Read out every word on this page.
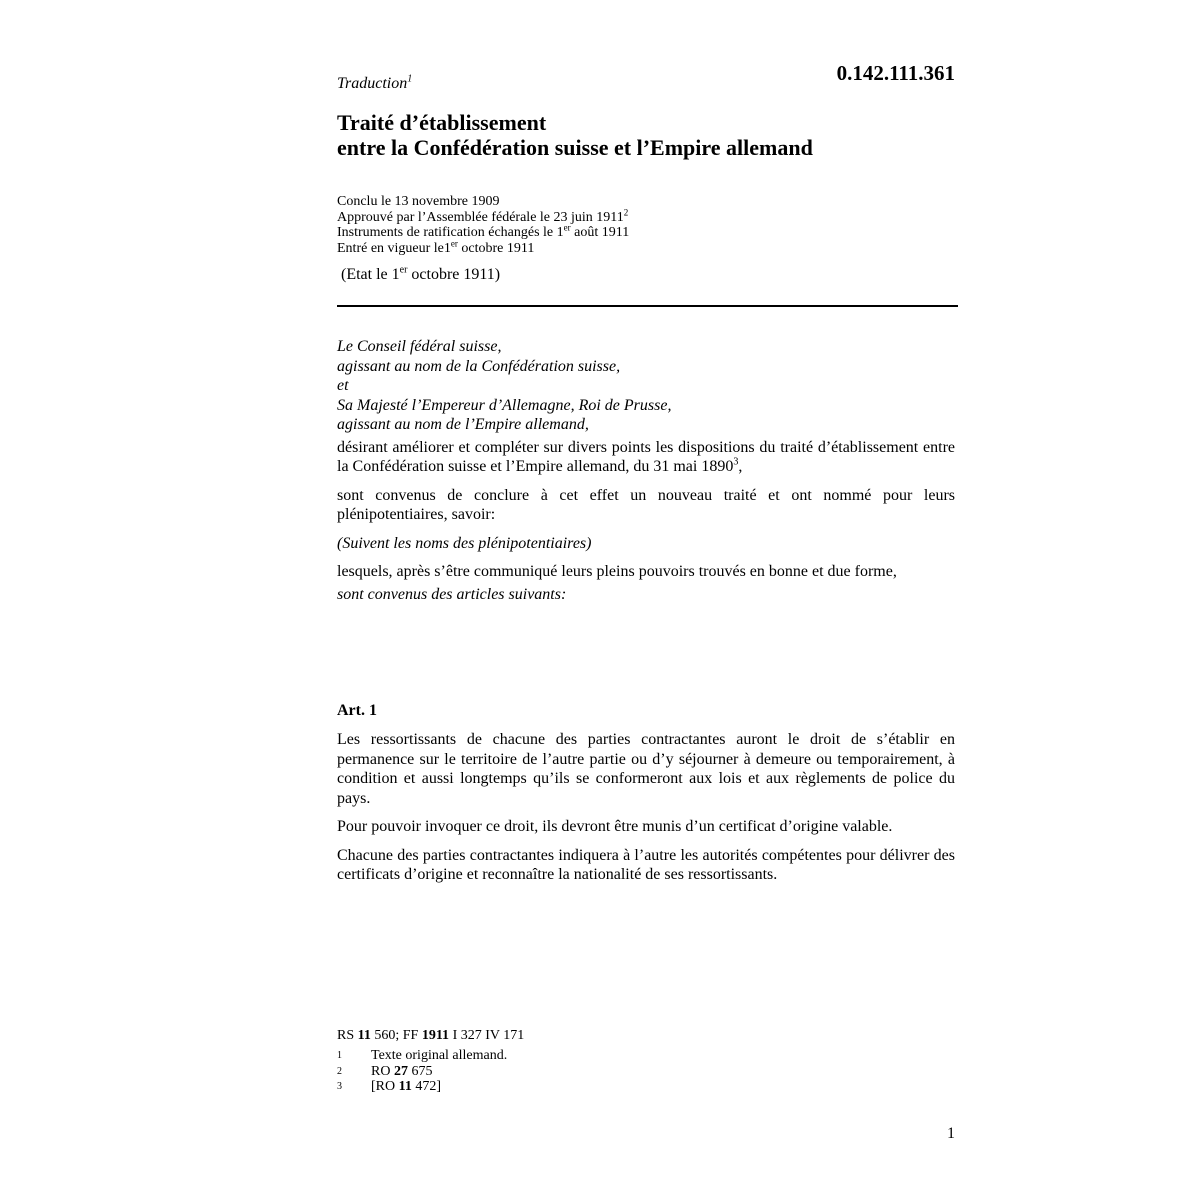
Traduction$^1$	0.142.111.361
Traité d’établissement
entre la Confédération suisse et l’Empire allemand
Conclu le 13 novembre 1909
Approuvé par l’Assemblée fédérale le 23 juin 1911$^2$
Instruments de ratification échangés le 1er août 1911
Entré en vigueur le1er octobre 1911
(Etat le 1er octobre 1911)
Le Conseil fédéral suisse,
agissant au nom de la Confédération suisse,
et
Sa Majesté l’Empereur d’Allemagne, Roi de Prusse,
agissant au nom de l’Empire allemand,

désirant améliorer et compléter sur divers points les dispositions du traité d’établissement entre la Confédération suisse et l’Empire allemand, du 31 mai 1890$^3$,

sont convenus de conclure à cet effet un nouveau traité et ont nommé pour leurs plénipotentiaires, savoir:

(Suivent les noms des plénipotentiaires)

lesquels, après s’être communiqué leurs pleins pouvoirs trouvés en bonne et due forme,

sont convenus des articles suivants:

Art. 1

Les ressortissants de chacune des parties contractantes auront le droit de s’établir en permanence sur le territoire de l’autre partie ou d’y séjourner à demeure ou temporairement, à condition et aussi longtemps qu’ils se conformeront aux lois et aux règlements de police du pays.

Pour pouvoir invoquer ce droit, ils devront être munis d’un certificat d’origine valable.

Chacune des parties contractantes indiquera à l’autre les autorités compétentes pour délivrer des certificats d’origine et reconnaître la nationalité de ses ressortissants.

RS 11 560; FF 1911 I 327 IV 171
1	Texte original allemand.
2	RO 27 675
3	[RO 11 472]
1
